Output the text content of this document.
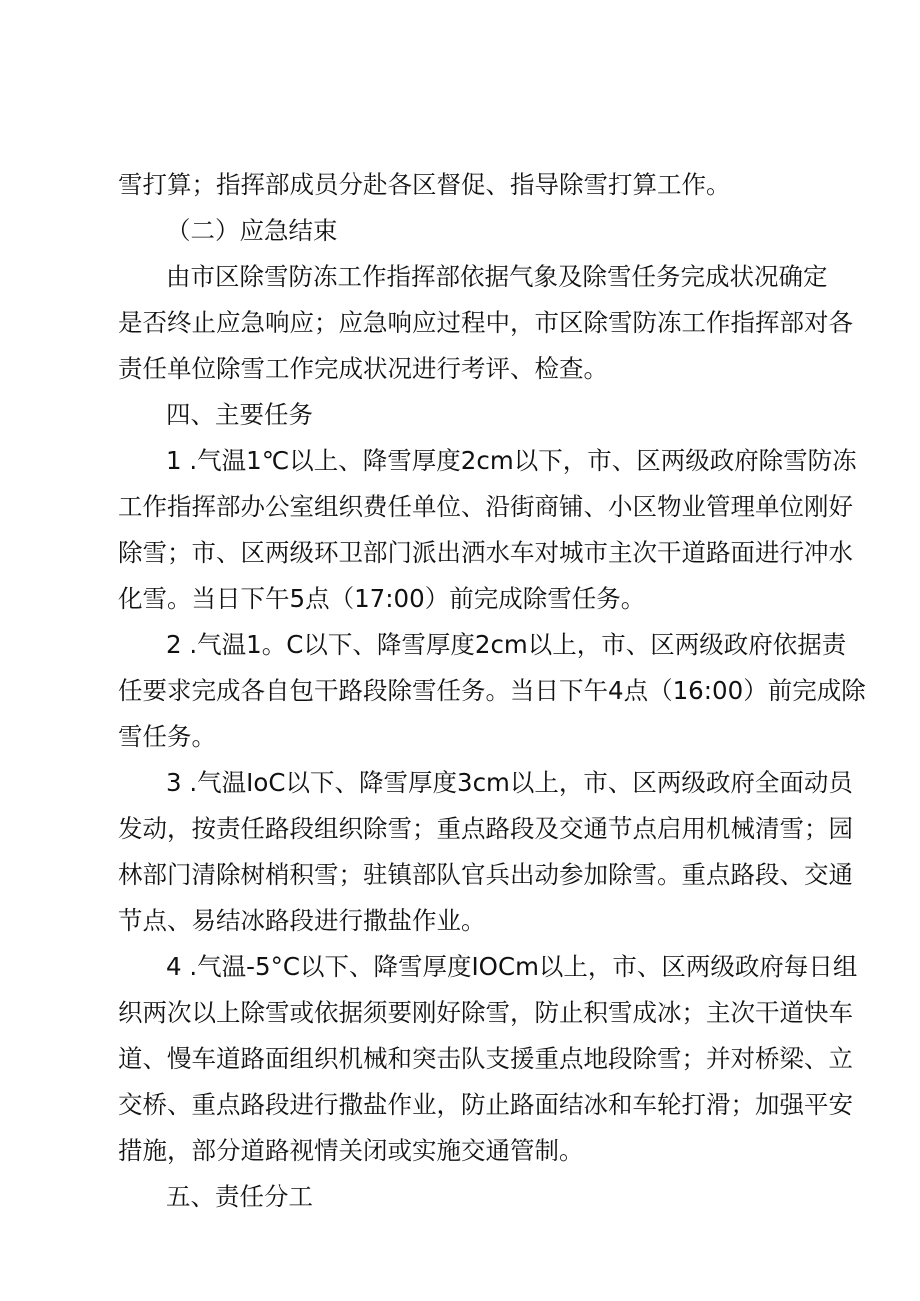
雪打算；指挥部成员分赴各区督促、指导除雪打算工作。
（二）应急结束
由市区除雪防冻工作指挥部依据气象及除雪任务完成状况确定
是否终止应急响应；应急响应过程中，市区除雪防冻工作指挥部对各
责任单位除雪工作完成状况进行考评、检查。
四、主要任务
1 .气温1℃以上、降雪厚度2cm以下，市、区两级政府除雪防冻
工作指挥部办公室组织费任单位、沿街商铺、小区物业管理单位刚好
除雪；市、区两级环卫部门派出洒水车对城市主次干道路面进行冲水
化雪。当日下午5点（17:00）前完成除雪任务。
2 .气温1。C以下、降雪厚度2cm以上，市、区两级政府依据责
任要求完成各自包干路段除雪任务。当日下午4点（16:00）前完成除
雪任务。
3 .气温IoC以下、降雪厚度3cm以上，市、区两级政府全面动员
发动，按责任路段组织除雪；重点路段及交通节点启用机械清雪；园
林部门清除树梢积雪；驻镇部队官兵出动参加除雪。重点路段、交通
节点、易结冰路段进行撒盐作业。
4 .气温-5°C以下、降雪厚度IOCm以上，市、区两级政府每日组
织两次以上除雪或依据须要刚好除雪，防止积雪成冰；主次干道快车
道、慢车道路面组织机械和突击队支援重点地段除雪；并对桥梁、立
交桥、重点路段进行撒盐作业，防止路面结冰和车轮打滑；加强平安
措施，部分道路视情关闭或实施交通管制。
五、责任分工
